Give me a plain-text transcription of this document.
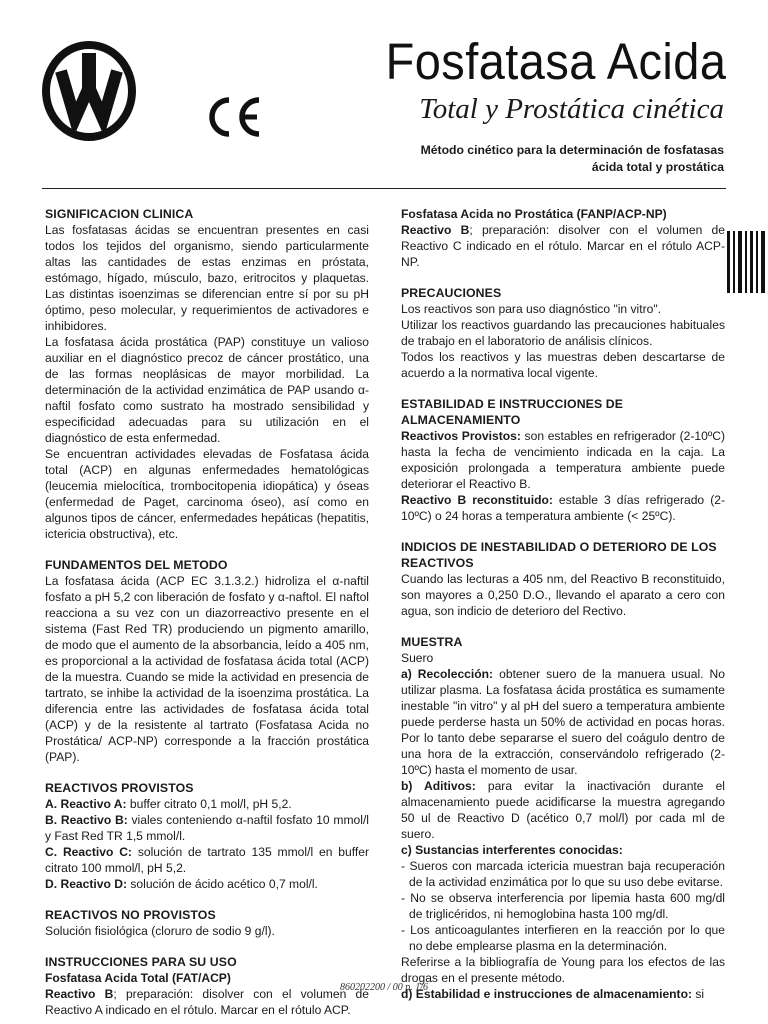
Fosfatasa Acida
Total y Prostática cinética

Método cinético para la determinación de fosfatasas
ácida total y prostática

SIGNIFICACION CLINICA

Las fosfatasas ácidas se encuentran presentes en casi todos los tejidos del organismo, siendo particularmente altas las cantidades de estas enzimas en próstata, estómago, hígado, músculo, bazo, eritrocitos y plaquetas. Las distintas isoenzimas se diferencian entre sí por su pH óptimo, peso molecular, y requerimientos de activadores e inhibidores.

La fosfatasa ácida prostática (PAP) constituye un valioso auxiliar en el diagnóstico precoz de cáncer prostático, una de las formas neoplásicas de mayor morbilidad. La determinación de la actividad enzimática de PAP usando α-naftil fosfato como sustrato ha mostrado sensibilidad y especificidad adecuadas para su utilización en el diagnóstico de esta enfermedad.

Se encuentran actividades elevadas de Fosfatasa ácida total (ACP) en algunas enfermedades hematológicas (leucemia mielocítica, trombocitopenia idiopática) y óseas (enfermedad de Paget, carcinoma óseo), así como en algunos tipos de cáncer, enfermedades hepáticas (hepatitis, ictericia obstructiva), etc.

FUNDAMENTOS DEL METODO

La fosfatasa ácida (ACP EC 3.1.3.2.) hidroliza el α-naftil fosfato a pH 5,2 con liberación de fosfato y α-naftol. El naftol reacciona a su vez con un diazorreactivo presente en el sistema (Fast Red TR) produciendo un pigmento amarillo, de modo que el aumento de la absorbancia, leído a 405 nm, es proporcional a la actividad de fosfatasa ácida total (ACP) de la muestra. Cuando se mide la actividad en presencia de tartrato, se inhibe la actividad de la isoenzima prostática. La diferencia entre las actividades de fosfatasa ácida total (ACP) y de la resistente al tartrato (Fosfatasa Acida no Prostática/ ACP-NP) corresponde a la fracción prostática (PAP).

REACTIVOS PROVISTOS

A. Reactivo A: buffer citrato 0,1 mol/l, pH 5,2.

B. Reactivo B: viales conteniendo α-naftil fosfato 10 mmol/l y Fast Red TR 1,5 mmol/l.

C. Reactivo C: solución de tartrato 135 mmol/l en buffer citrato 100 mmol/l, pH 5,2.

D. Reactivo D: solución de ácido acético 0,7 mol/l.

REACTIVOS NO PROVISTOS

Solución fisiológica (cloruro de sodio 9 g/l).

INSTRUCCIONES PARA SU USO

Fosfatasa Acida Total (FAT/ACP)

Reactivo B; preparación: disolver con el volumen de Reactivo A indicado en el rótulo. Marcar en el rótulo ACP.

Fosfatasa Acida no Prostática (FANP/ACP-NP)

Reactivo B; preparación: disolver con el volumen de Reactivo C indicado en el rótulo. Marcar en el rótulo ACP-NP.

PRECAUCIONES

Los reactivos son para uso diagnóstico "in vitro".

Utilizar los reactivos guardando las precauciones habituales de trabajo en el laboratorio de análisis clínicos.

Todos los reactivos y las muestras deben descartarse de acuerdo a la normativa local vigente.

ESTABILIDAD E INSTRUCCIONES DE ALMACENAMIENTO

Reactivos Provistos: son estables en refrigerador (2-10ºC) hasta la fecha de vencimiento indicada en la caja. La exposición prolongada a temperatura ambiente puede deteriorar el Reactivo B.

Reactivo B reconstituido: estable 3 días refrigerado (2-10ºC) o 24 horas a temperatura ambiente (< 25ºC).

INDICIOS DE INESTABILIDAD O DETERIORO DE LOS REACTIVOS

Cuando las lecturas a 405 nm, del Reactivo B reconstituido, son mayores a 0,250 D.O., llevando el aparato a cero con agua, son indicio de deterioro del Rectivo.

MUESTRA

Suero

a) Recolección: obtener suero de la manuera usual. No utilizar plasma. La fosfatasa ácida prostática es sumamente inestable "in vitro" y al pH del suero a temperatura ambiente puede perderse hasta un 50% de actividad en pocas horas. Por lo tanto debe separarse el suero del coágulo dentro de una hora de la extracción, conservándolo refrigerado (2-10ºC) hasta el momento de usar.

b) Aditivos: para evitar la inactivación durante el almacenamiento puede acidificarse la muestra agregando 50 ul de Reactivo D (acético 0,7 mol/l) por cada ml de suero.

c) Sustancias interferentes conocidas:

- Sueros con marcada ictericia muestran baja recuperación de la actividad enzimática por lo que su uso debe evitarse.

- No se observa interferencia por lipemia hasta 600 mg/dl de triglicéridos, ni hemoglobina hasta 100 mg/dl.

- Los anticoagulantes interfieren en la reacción por lo que no debe emplearse plasma en la determinación.

Referirse a la bibliografía de Young para los efectos de las drogas en el presente método.

d) Estabilidad e instrucciones de almacenamiento: si

860202200 / 00 p. 1/6
